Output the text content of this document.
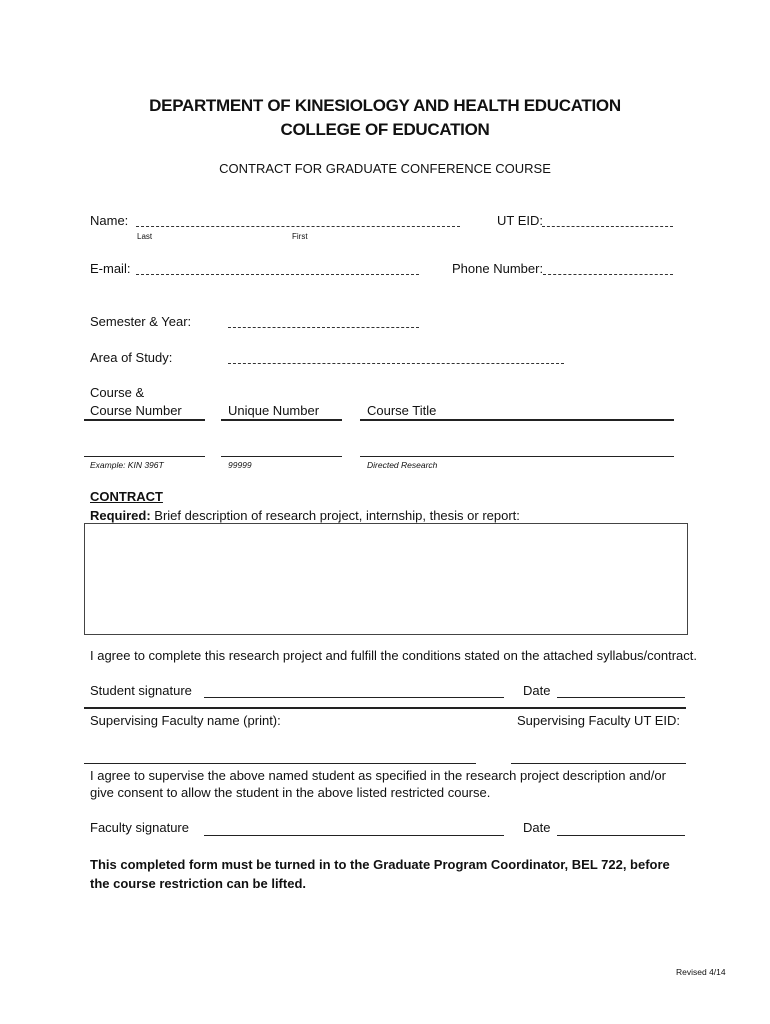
DEPARTMENT OF KINESIOLOGY AND HEALTH EDUCATION
COLLEGE OF EDUCATION
CONTRACT FOR GRADUATE CONFERENCE COURSE
Name:
Last	First
UT EID:
E-mail:	Phone Number:
Semester & Year:
Area of Study:
Course &
Course Number	Unique Number	Course Title
Example: KIN 396T	99999	Directed Research
CONTRACT
Required: Brief description of research project, internship, thesis or report:
I agree to complete this research project and fulfill the conditions stated on the attached syllabus/contract.
Student signature	Date
Supervising Faculty name (print):	Supervising Faculty UT EID:
I agree to supervise the above named student as specified in the research project description and/or give consent to allow the student in the above listed restricted course.
Faculty signature	Date
This completed form must be turned in to the Graduate Program Coordinator, BEL 722, before the course restriction can be lifted.
Revised 4/14
